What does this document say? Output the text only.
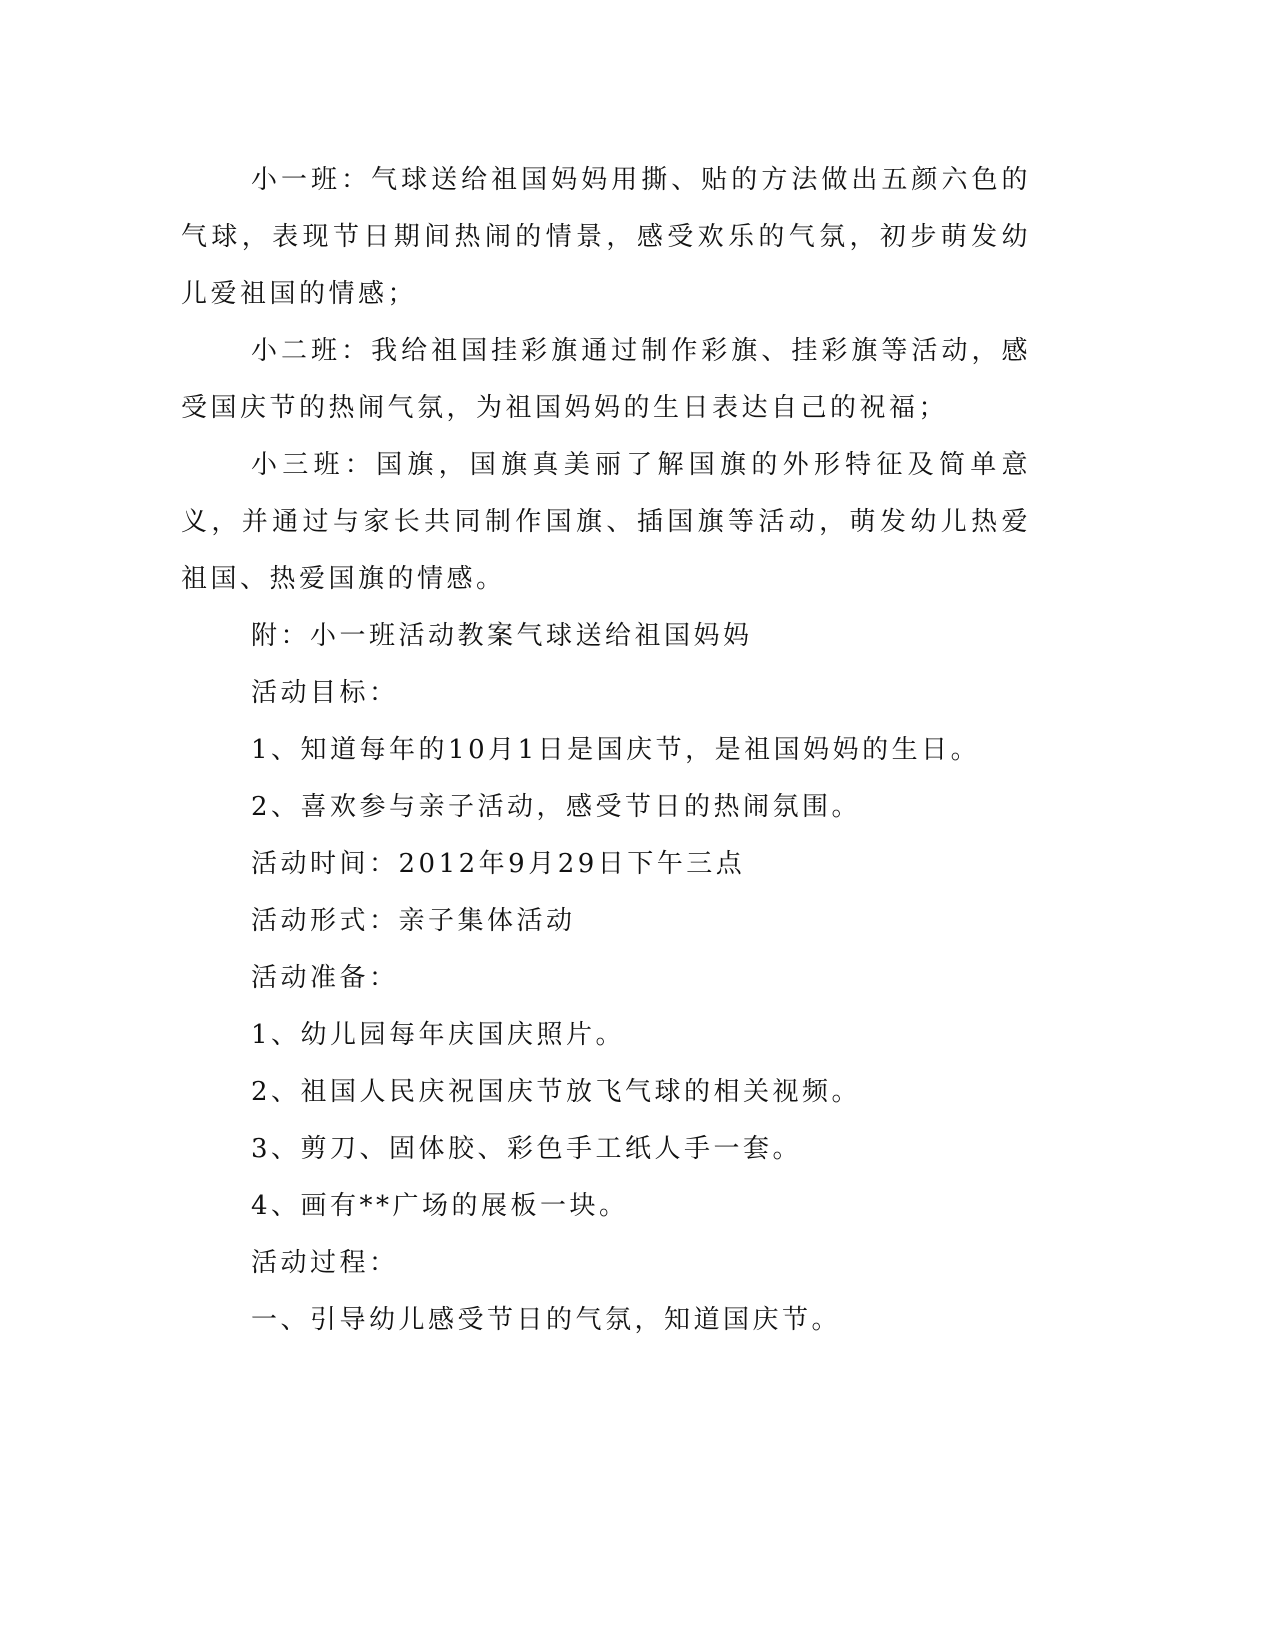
小一班：气球送给祖国妈妈用撕、贴的方法做出五颜六色的气球，表现节日期间热闹的情景，感受欢乐的气氛，初步萌发幼儿爱祖国的情感；

小二班：我给祖国挂彩旗通过制作彩旗、挂彩旗等活动，感受国庆节的热闹气氛，为祖国妈妈的生日表达自己的祝福；

小三班：国旗，国旗真美丽了解国旗的外形特征及简单意义，并通过与家长共同制作国旗、插国旗等活动，萌发幼儿热爱祖国、热爱国旗的情感。

附：小一班活动教案气球送给祖国妈妈

活动目标：

1、知道每年的10月1日是国庆节，是祖国妈妈的生日。

2、喜欢参与亲子活动，感受节日的热闹氛围。

活动时间：2012年9月29日下午三点

活动形式：亲子集体活动

活动准备：

1、幼儿园每年庆国庆照片。

2、祖国人民庆祝国庆节放飞气球的相关视频。

3、剪刀、固体胶、彩色手工纸人手一套。

4、画有**广场的展板一块。

活动过程：

一、引导幼儿感受节日的气氛，知道国庆节。
